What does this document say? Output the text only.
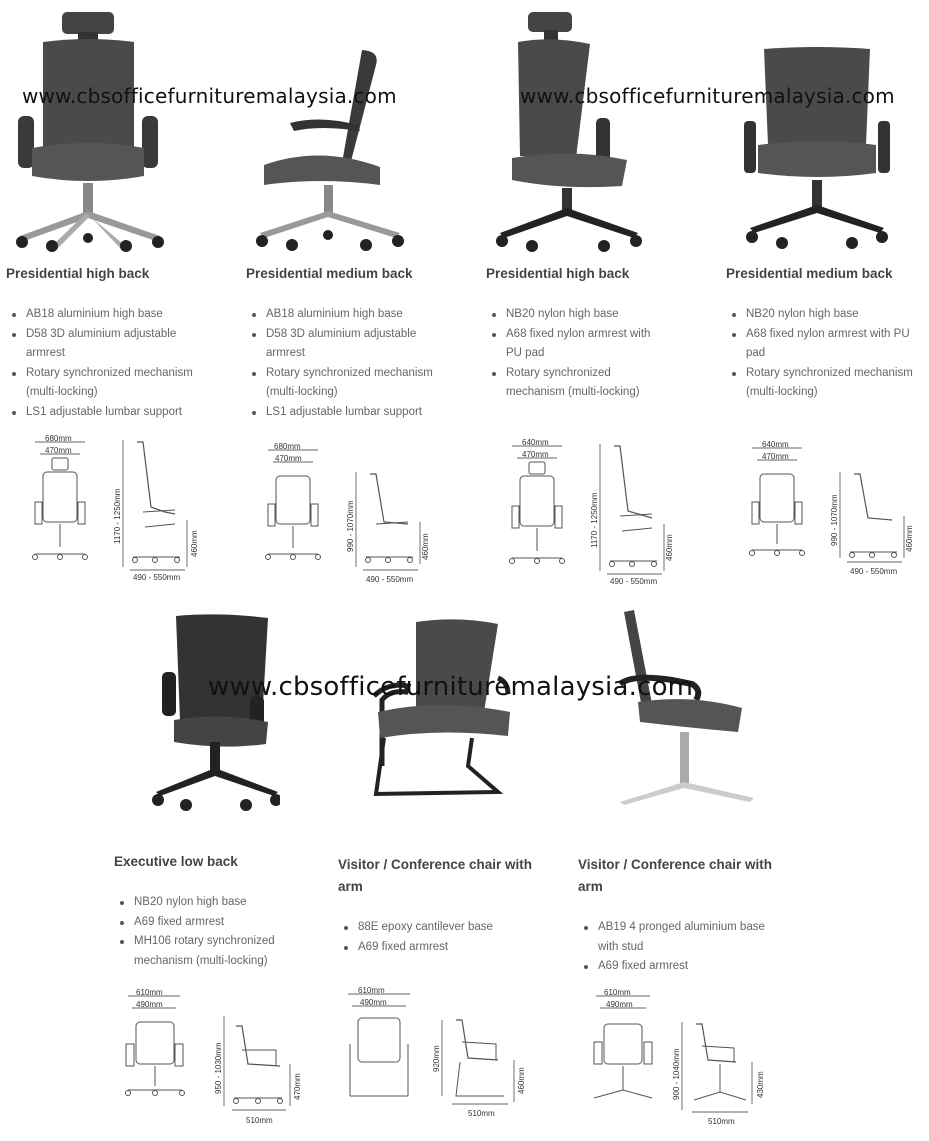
www.cbsofficefurnituremalaysia.com	www.cbsofficefurnituremalaysia.com
www.cbsofficefurnituremalaysia.com
Presidential high back
AB18 aluminium high base
D58 3D aluminium adjustable armrest
Rotary synchronized mechanism (multi-locking)
LS1 adjustable lumbar support
680mm
470mm
1170 - 1250mm	460mm
490 - 550mm
Presidential medium back
AB18 aluminium high base
D58 3D aluminium adjustable armrest
Rotary synchronized mechanism (multi-locking)
LS1 adjustable lumbar support
680mm
470mm
990 - 1070mm	460mm
490 - 550mm
Presidential high back
NB20 nylon high base
A68 fixed nylon armrest with PU pad
Rotary synchronized mechanism (multi-locking)
640mm
470mm
1170 - 1250mm	460mm
490 - 550mm
Presidential medium back
NB20 nylon high base
A68 fixed nylon armrest with PU pad
Rotary synchronized mechanism (multi-locking)
640mm
470mm
990 - 1070mm	460mm
490 - 550mm
Executive low back
NB20 nylon high base
A69 fixed armrest
MH106 rotary synchronized mechanism (multi-locking)
610mm
490mm
950 - 1030mm	470mm
510mm
Visitor / Conference chair with arm
88E epoxy cantilever base
A69 fixed armrest
610mm
490mm
920mm
460mm
510mm
Visitor / Conference chair with arm
AB19 4 pronged aluminium base with stud
A69 fixed armrest
610mm
490mm
900 - 1040mm	430mm
510mm
